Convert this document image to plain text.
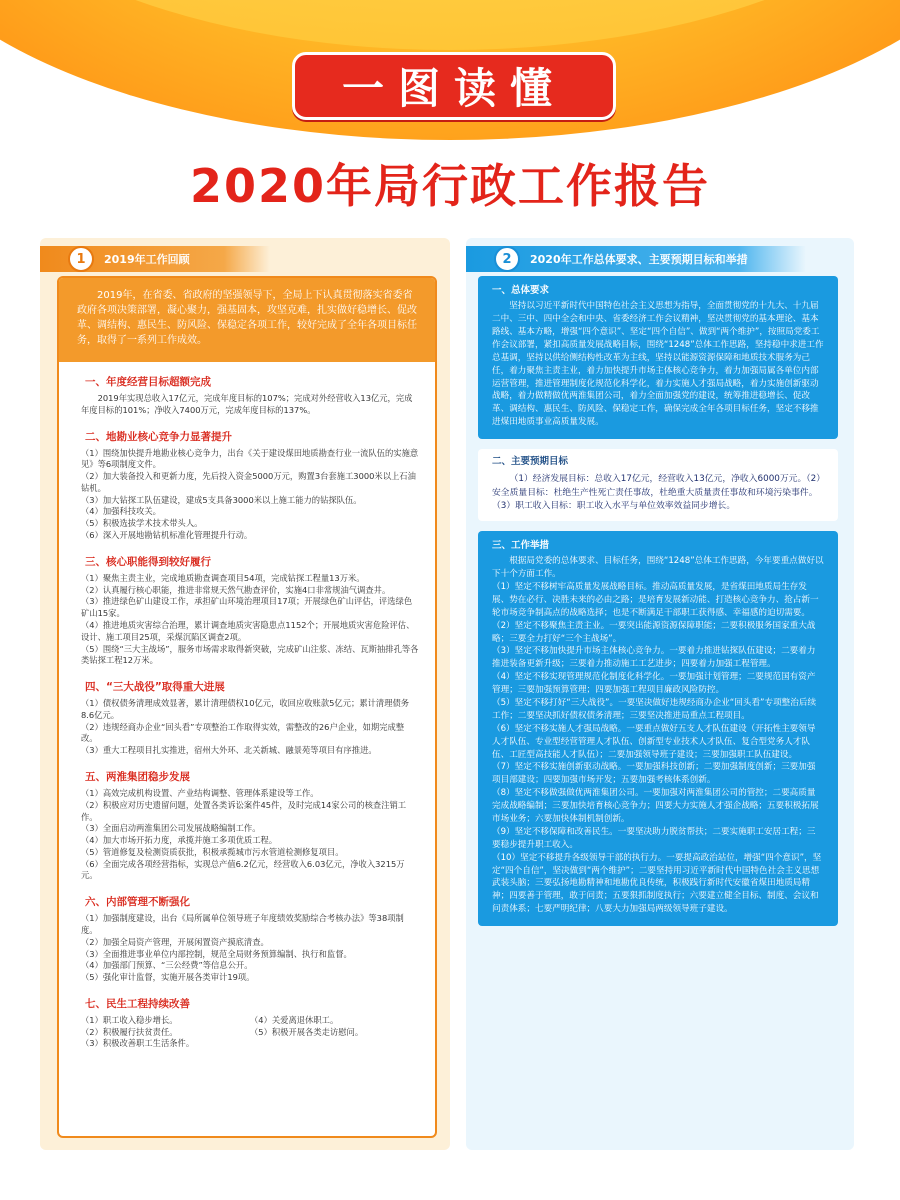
一图读懂
2020年局行政工作报告
1	2019年工作回顾
2019年，在省委、省政府的坚强领导下，全局上下认真贯彻落实省委省政府各项决策部署，凝心聚力，强基固本，攻坚克难，扎实做好稳增长、促改革、调结构、惠民生、防风险、保稳定各项工作，较好完成了全年各项目标任务，取得了一系列工作成效。
一、年度经营目标超额完成
2019年实现总收入17亿元，完成年度目标的107%；完成对外经营收入13亿元，完成年度目标的101%；净收入7400万元，完成年度目标的137%。
二、地勘业核心竞争力显著提升
（1）围绕加快提升地勘业核心竞争力，出台《关于建设煤田地质勘查行业一流队伍的实施意见》等6项制度文件。
（2）加大装备投入和更新力度，先后投入资金5000万元，购置3台套施工3000米以上石油钻机。
（3）加大钻探工队伍建设，建成5支具备3000米以上施工能力的钻探队伍。
（4）加强科技攻关。
（5）积极选拔学术技术带头人。
（6）深入开展地勘钻机标准化管理提升行动。
三、核心职能得到较好履行
（1）聚焦主责主业，完成地质勘查调查项目54项，完成钻探工程量13万米。
（2）认真履行核心职能，推进非常规天然气勘查评价，实施4口非常规油气调查井。
（3）推进绿色矿山建设工作，承担矿山环境治理项目17项；开展绿色矿山评估，评选绿色矿山15家。
（4）推进地质灾害综合治理，累计调查地质灾害隐患点1152个；开展地质灾害危险评估、设计、施工项目25项，采煤沉陷区调查2项。
（5）围绕“三大主战场”，服务市场需求取得新突破，完成矿山注浆、冻结、瓦斯抽排孔等各类钻探工程12万米。
四、“三大战役”取得重大进展
（1）债权债务清理成效显著，累计清理债权10亿元，收回应收账款5亿元；累计清理债务8.6亿元。
（2）违规经商办企业“回头看”专项整治工作取得实效，需整改的26户企业，如期完成整改。
（3）重大工程项目扎实推进，宿州大外环、北关新城、融景苑等项目有序推进。
五、两淮集团稳步发展
（1）高效完成机构设置、产业结构调整、管理体系建设等工作。
（2）积极应对历史遗留问题，处置各类诉讼案件45件，及时完成14家公司的核查注销工作。
（3）全面启动两淮集团公司发展战略编制工作。
（4）加大市场开拓力度，承揽并施工多项优质工程。
（5）管道修复及检测资质获批，积极承揽城市污水管道检测修复项目。
（6）全面完成各项经营指标，实现总产值6.2亿元，经营收入6.03亿元，净收入3215万元。
六、内部管理不断强化
（1）加强制度建设，出台《局所属单位领导班子年度绩效奖励综合考核办法》等38项制度。
（2）加强全局资产管理，开展闲置资产摸底清查。
（3）全面推进事业单位内部控制，规范全局财务预算编制、执行和监督。
（4）加强部门预算、“三公经费”等信息公开。
（5）强化审计监督，实施开展各类审计19项。
七、民生工程持续改善
（1）职工收入稳步增长。
（2）积极履行扶贫责任。
（3）积极改善职工生活条件。
（4）关爱离退休职工。
（5）积极开展各类走访慰问。
2	2020年工作总体要求、主要预期目标和举措
一、总体要求
坚持以习近平新时代中国特色社会主义思想为指导，全面贯彻党的十九大、十九届二中、三中、四中全会和中央、省委经济工作会议精神，坚决贯彻党的基本理论、基本路线、基本方略，增强“四个意识”、坚定“四个自信”、做到“两个维护”，按照局党委工作会议部署，紧扣高质量发展战略目标，围绕“1248”总体工作思路，坚持稳中求进工作总基调，坚持以供给侧结构性改革为主线，坚持以能源资源保障和地质技术服务为己任，着力聚焦主责主业，着力加快提升市场主体核心竞争力，着力加强局属各单位内部运营管理，推进管理制度化规范化科学化，着力实施人才强局战略，着力实施创新驱动战略，着力做精做优两淮集团公司，着力全面加强党的建设，统筹推进稳增长、促改革、调结构、惠民生、防风险、保稳定工作，确保完成全年各项目标任务，坚定不移推进煤田地质事业高质量发展。
二、主要预期目标
（1）经济发展目标：总收入17亿元，经营收入13亿元，净收入6000万元。（2）安全质量目标：杜绝生产性死亡责任事故，杜绝重大质量责任事故和环境污染事件。（3）职工收入目标：职工收入水平与单位效率效益同步增长。
三、工作举措
根据局党委的总体要求、目标任务，围绕“1248”总体工作思路，今年要重点做好以下十个方面工作。
（1）坚定不移树牢高质量发展战略目标。推动高质量发展，是省煤田地质局生存发展、势在必行、决胜未来的必由之路；是培育发展新动能、打造核心竞争力、抢占新一轮市场竞争制高点的战略选择；也是不断满足干部职工获得感、幸福感的迫切需要。
（2）坚定不移聚焦主责主业。一要突出能源资源保障职能；二要积极服务国家重大战略；三要全力打好“三个主战场”。
（3）坚定不移加快提升市场主体核心竞争力。一要着力推进钻探队伍建设；二要着力推进装备更新升级；三要着力推动施工工艺进步；四要着力加强工程管理。
（4）坚定不移实现管理规范化制度化科学化。一要加强计划管理；二要规范国有资产管理；三要加强预算管理；四要加强工程项目廉政风险防控。
（5）坚定不移打好“三大战役”。一要坚决做好违规经商办企业“回头看”专项整治后续工作；二要坚决抓好债权债务清理；三要坚决推进局重点工程项目。
（6）坚定不移实施人才强局战略。一要重点做好五支人才队伍建设（开拓性主要领导人才队伍、专业型经营管理人才队伍、创新型专业技术人才队伍、复合型党务人才队伍、工匠型高技能人才队伍）；二要加强领导班子建设；三要加强职工队伍建设。
（7）坚定不移实施创新驱动战略。一要加强科技创新；二要加强制度创新；三要加强项目部建设；四要加强市场开发；五要加强考核体系创新。
（8）坚定不移做强做优两淮集团公司。一要加强对两淮集团公司的管控；二要高质量完成战略编制；三要加快培育核心竞争力；四要大力实施人才强企战略；五要积极拓展市场业务；六要加快体制机制创新。
（9）坚定不移保障和改善民生。一要坚决助力脱贫帮扶；二要实施职工安居工程；三要稳步提升职工收入。
（10）坚定不移提升各级领导干部的执行力。一要提高政治站位，增强“四个意识”，坚定“四个自信”，坚决做到“两个维护”；二要坚持用习近平新时代中国特色社会主义思想武装头脑；三要弘扬地勘精神和地勘优良传统，积极践行新时代安徽省煤田地质局精神；四要善于管理，敢于问责；五要狠抓制度执行；六要建立健全目标、制度、会议和问责体系；七要严明纪律；八要大力加强局两级领导班子建设。
